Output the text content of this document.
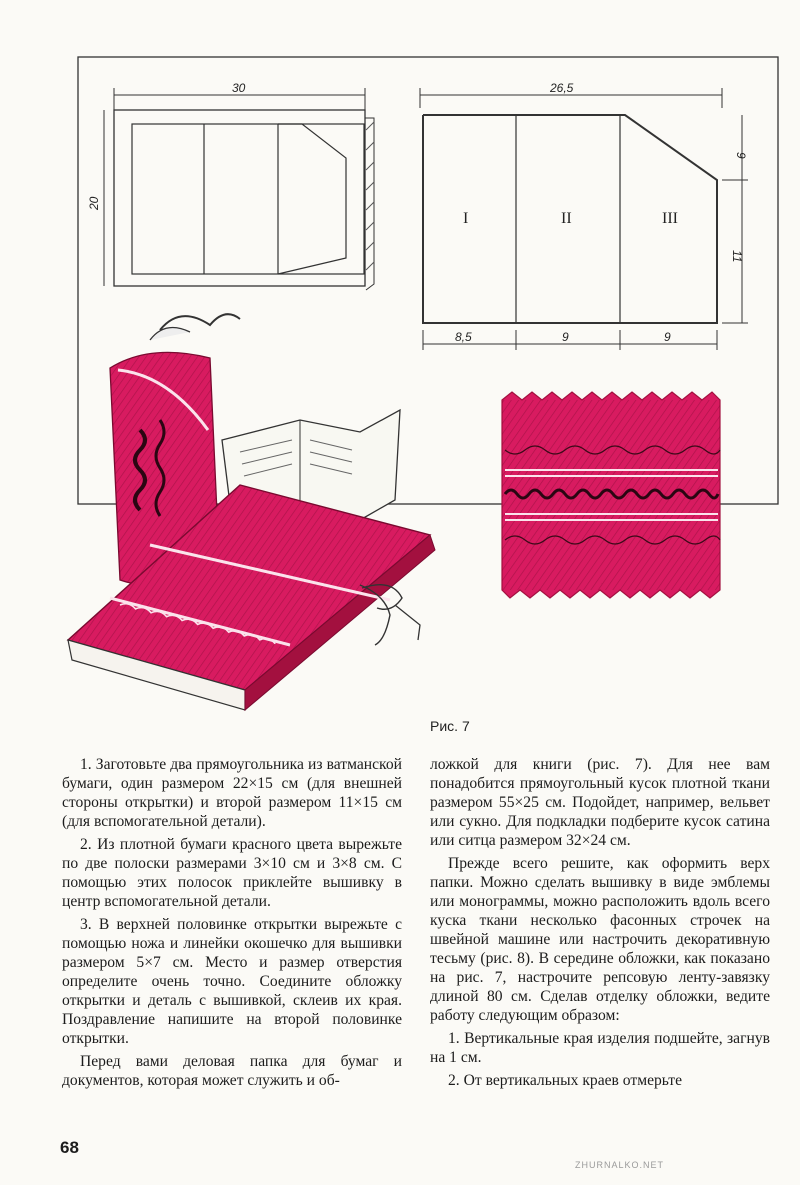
30
20
26,5
9
11
8,5	9	9
I	II	III
Рис. 7

1. Заготовьте два прямоугольника из ватманской бумаги, один размером 22×15 см (для внешней стороны открытки) и второй размером 11×15 см (для вспомогательной детали).

2. Из плотной бумаги красного цвета вырежьте по две полоски размерами 3×10 см и 3×8 см. С помощью этих полосок приклейте вышивку в центр вспомогательной детали.

3. В верхней половинке открытки вырежьте с помощью ножа и линейки окошечко для вышивки размером 5×7 см. Место и размер отверстия определите очень точно. Соедините обложку открытки и деталь с вышивкой, склеив их края. Поздравление напишите на второй половинке открытки.

Перед вами деловая папка для бумаг и документов, которая может служить и об-

ложкой для книги (рис. 7). Для нее вам понадобится прямоугольный кусок плотной ткани размером 55×25 см. Подойдет, например, вельвет или сукно. Для подкладки подберите кусок сатина или ситца размером 32×24 см.

Прежде всего решите, как оформить верх папки. Можно сделать вышивку в виде эмблемы или монограммы, можно расположить вдоль всего куска ткани несколько фасонных строчек на швейной машине или настрочить декоративную тесьму (рис. 8). В середине обложки, как показано на рис. 7, настрочите репсовую ленту-завязку длиной 80 см. Сделав отделку обложки, ведите работу следующим образом:

1. Вертикальные края изделия подшейте, загнув на 1 см.

2. От вертикальных краев отмерьте

68
ZHURNALKO.NET
